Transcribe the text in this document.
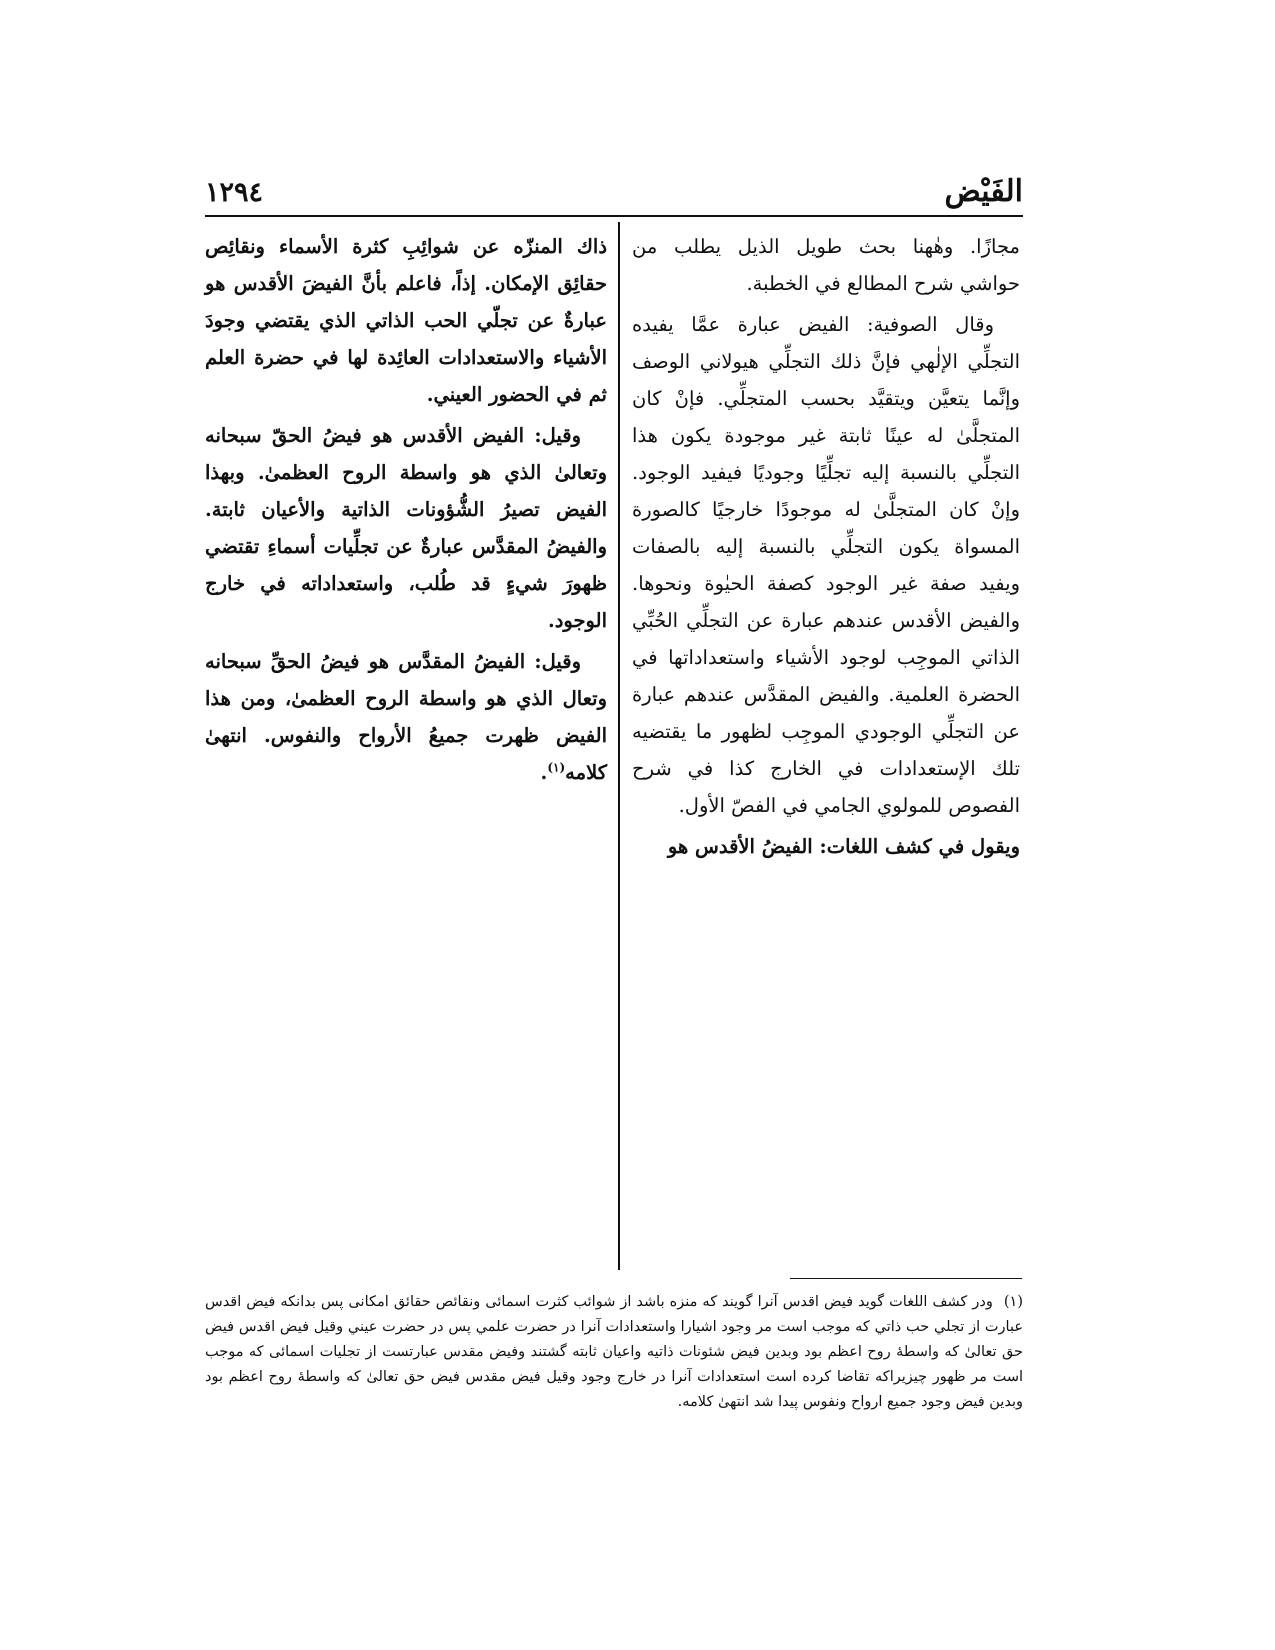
الفَيْض
١٢٩٤

مجازًا. وهٰهنا بحث طويل الذيل يطلب من حواشي شرح المطالع في الخطبة.

وقال الصوفية: الفيض عبارة عمَّا يفيده التجلِّي الإلٰهي فإنَّ ذلك التجلِّي هيولاني الوصف وإنَّما يتعيَّن ويتقيَّد بحسب المتجلِّي. فإنْ كان المتجلَّىٰ له عينًا ثابتة غير موجودة يكون هذا التجلِّي بالنسبة إليه تجلِّيًا وجوديًا فيفيد الوجود. وإنْ كان المتجلَّىٰ له موجودًا خارجيًا كالصورة المسواة يكون التجلِّي بالنسبة إليه بالصفات ويفيد صفة غير الوجود كصفة الحيٰوة ونحوها. والفيض الأقدس عندهم عبارة عن التجلِّي الحُبِّي الذاتي الموجِب لوجود الأشياء واستعداداتها في الحضرة العلمية. والفيض المقدَّس عندهم عبارة عن التجلِّي الوجودي الموجِب لظهور ما يقتضيه تلك الإستعدادات في الخارج كذا في شرح الفصوص للمولوي الجامي في الفصّ الأول.

ويقول في كشف اللغات: الفيضُ الأقدس هو

ذاك المنزّه عن شوائِبِ كثرة الأسماء ونقائِص حقائِق الإمكان. إذاً، فاعلم بأنَّ الفيضَ الأقدس هو عبارةٌ عن تجلّي الحب الذاتي الذي يقتضي وجودَ الأشياء والاستعدادات العائِدة لها في حضرة العلم ثم في الحضور العيني.

وقيل: الفيض الأقدس هو فيضُ الحقّ سبحانه وتعالىٰ الذي هو واسطة الروح العظمىٰ. وبهذا الفيض تصيرُ الشُّؤونات الذاتية والأعيان ثابتة. والفيضُ المقدَّس عبارةٌ عن تجلِّيات أسماءِ تقتضي ظهورَ شيءٍ قد طُلب، واستعداداته في خارج الوجود.

وقيل: الفيضُ المقدَّس هو فيضُ الحقِّ سبحانه وتعال الذي هو واسطة الروح العظمىٰ، ومن هذا الفيض ظهرت جميعُ الأرواح والنفوس. انتهىٰ كلامه$^{(١)}$.

(١) ودر كشف اللغات گويد فيض اقدس آنرا گويند كه منزه باشد از شوائب كثرت اسمائى ونقائص حقائق امكانى پس بدانكه فيض اقدس عبارت از تجلي حب ذاتي كه موجب است مر وجود اشيارا واستعدادات آنرا در حضرت علمي پس در حضرت عيني وقيل فيض اقدس فيض حق تعالىٰ كه واسطهٔ روح اعظم بود وبدين فيض شئونات ذاتيه واعيان ثابته گشتند وفيض مقدس عبارتست از تجليات اسمائى كه موجب است مر ظهور چيزيراكه تقاضا كرده است استعدادات آنرا در خارج وجود وقيل فيض مقدس فيض حق تعالىٰ كه واسطهٔ روح اعظم بود وبدين فيض وجود جميع ارواح ونفوس پيدا شد انتهىٰ كلامه.
